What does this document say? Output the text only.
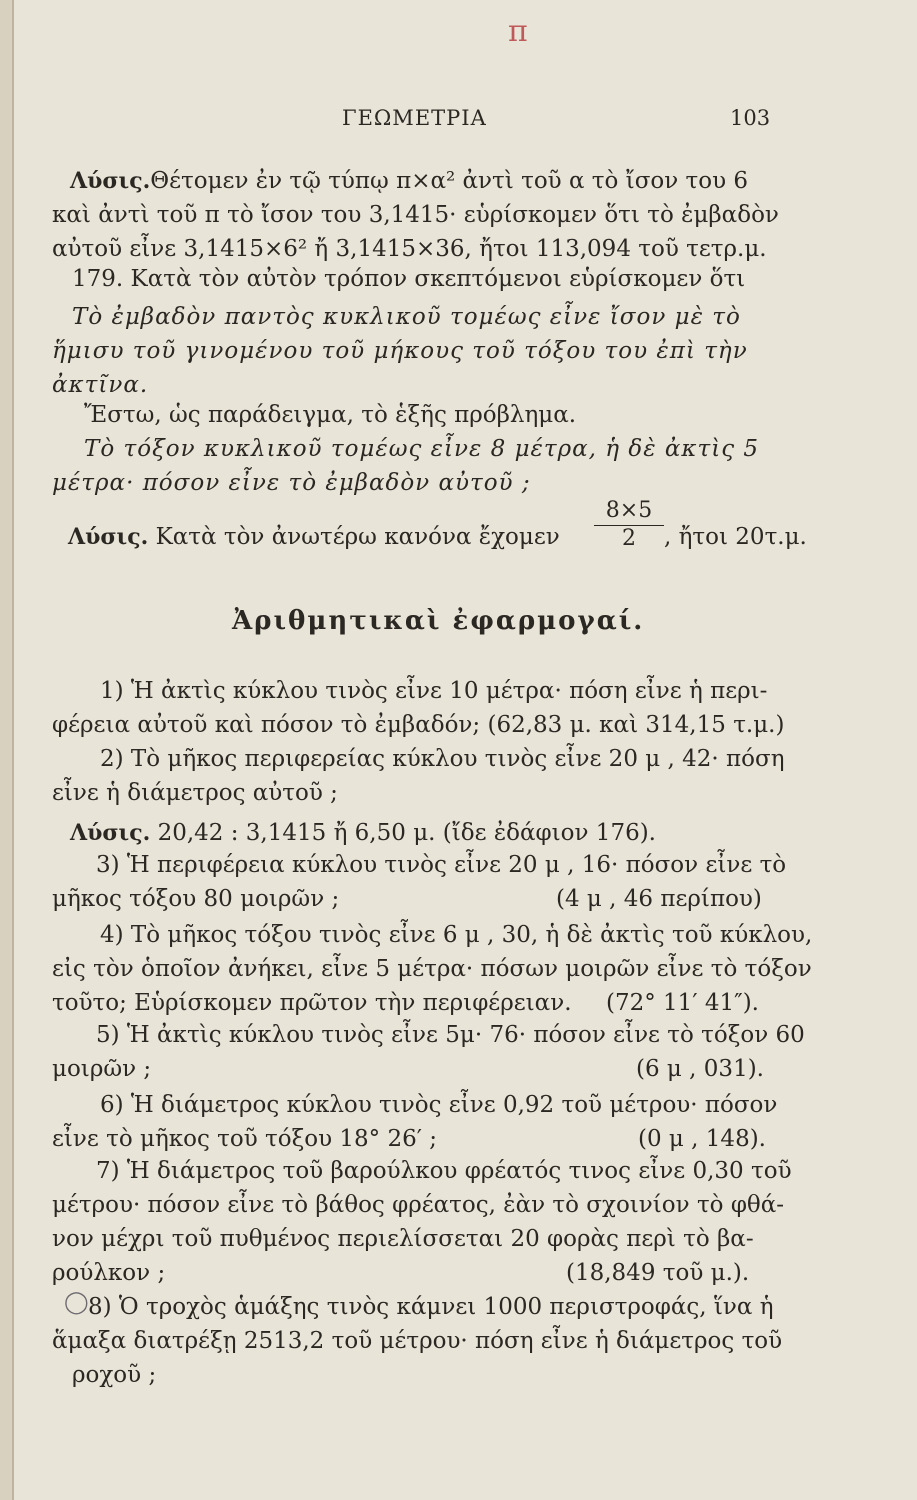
π
ΓΕΩΜΕΤΡΙΑ	103
Λύσις.Θέτομεν ἐν τῷ τύπῳ π×α² ἀντὶ τοῦ α τὸ ἴσον του 6
καὶ ἀντὶ τοῦ π τὸ ἴσον του 3,1415· εὑρίσκομεν ὅτι τὸ ἐμβαδὸν
αὐτοῦ εἶνε 3,1415×6² ἤ 3,1415×36, ἤτοι 113,094 τοῦ τετρ.μ.
179. Κατὰ τὸν αὐτὸν τρόπον σκεπτόμενοι εὑρίσκομεν ὅτι
Τὸ ἐμβαδὸν παντὸς κυκλικοῦ τομέως εἶνε ἴσον μὲ τὸ
ἥμισυ τοῦ γινομένου τοῦ μήκους τοῦ τόξου του ἐπὶ τὴν
ἀκτῖνα.
Ἔστω, ὡς παράδειγμα, τὸ ἑξῆς πρόβλημα.
Τὸ τόξον κυκλικοῦ τομέως εἶνε 8 μέτρα, ἡ δὲ ἀκτὶς 5
μέτρα· πόσον εἶνε τὸ ἐμβαδὸν αὐτοῦ ;
Λύσις. Κατὰ τὸν ἀνωτέρω κανόνα ἔχομεν $\frac{8\times 5}{2}$ , ἤτοι 20τ.μ.
Ἀριθμητικαὶ ἐφαρμογαί.
1) Ἡ ἀκτὶς κύκλου τινὸς εἶνε 10 μέτρα· πόση εἶνε ἡ περι-
φέρεια αὐτοῦ καὶ πόσον τὸ ἐμβαδόν; (62,83 μ. καὶ 314,15 τ.μ.)
2) Τὸ μῆκος περιφερείας κύκλου τινὸς εἶνε 20 μ , 42· πόση
εἶνε ἡ διάμετρος αὐτοῦ ;
Λύσις. 20,42 : 3,1415 ἤ 6,50 μ. (ἴδε ἐδάφιον 176).
3) Ἡ περιφέρεια κύκλου τινὸς εἶνε 20 μ , 16· πόσον εἶνε τὸ
μῆκος τόξου 80 μοιρῶν ;	(4 μ , 46 περίπου)
4) Τὸ μῆκος τόξου τινὸς εἶνε 6 μ , 30, ἡ δὲ ἀκτὶς τοῦ κύκλου,
εἰς τὸν ὁποῖον ἀνήκει, εἶνε 5 μέτρα· πόσων μοιρῶν εἶνε τὸ τόξον
τοῦτο; Εὑρίσκομεν πρῶτον τὴν περιφέρειαν. (72° 11′ 41″).
5) Ἡ ἀκτὶς κύκλου τινὸς εἶνε 5μ· 76· πόσον εἶνε τὸ τόξον 60
μοιρῶν ;	(6 μ , 031).
6) Ἡ διάμετρος κύκλου τινὸς εἶνε 0,92 τοῦ μέτρου· πόσον
εἶνε τὸ μῆκος τοῦ τόξου 18° 26′ ;	(0 μ , 148).
7) Ἡ διάμετρος τοῦ βαρούλκου φρέατός τινος εἶνε 0,30 τοῦ
μέτρου· πόσον εἶνε τὸ βάθος φρέατος, ἐὰν τὸ σχοινίον τὸ φθά-
νον μέχρι τοῦ πυθμένος περιελίσσεται 20 φορὰς περὶ τὸ βα-
ρούλκον ;	(18,849 τοῦ μ.).
8) Ὁ τροχὸς ἁμάξης τινὸς κάμνει 1000 περιστροφάς, ἵνα ἡ
ἅμαξα διατρέξῃ 2513,2 τοῦ μέτρου· πόση εἶνε ἡ διάμετρος τοῦ
ροχοῦ ;
◯
